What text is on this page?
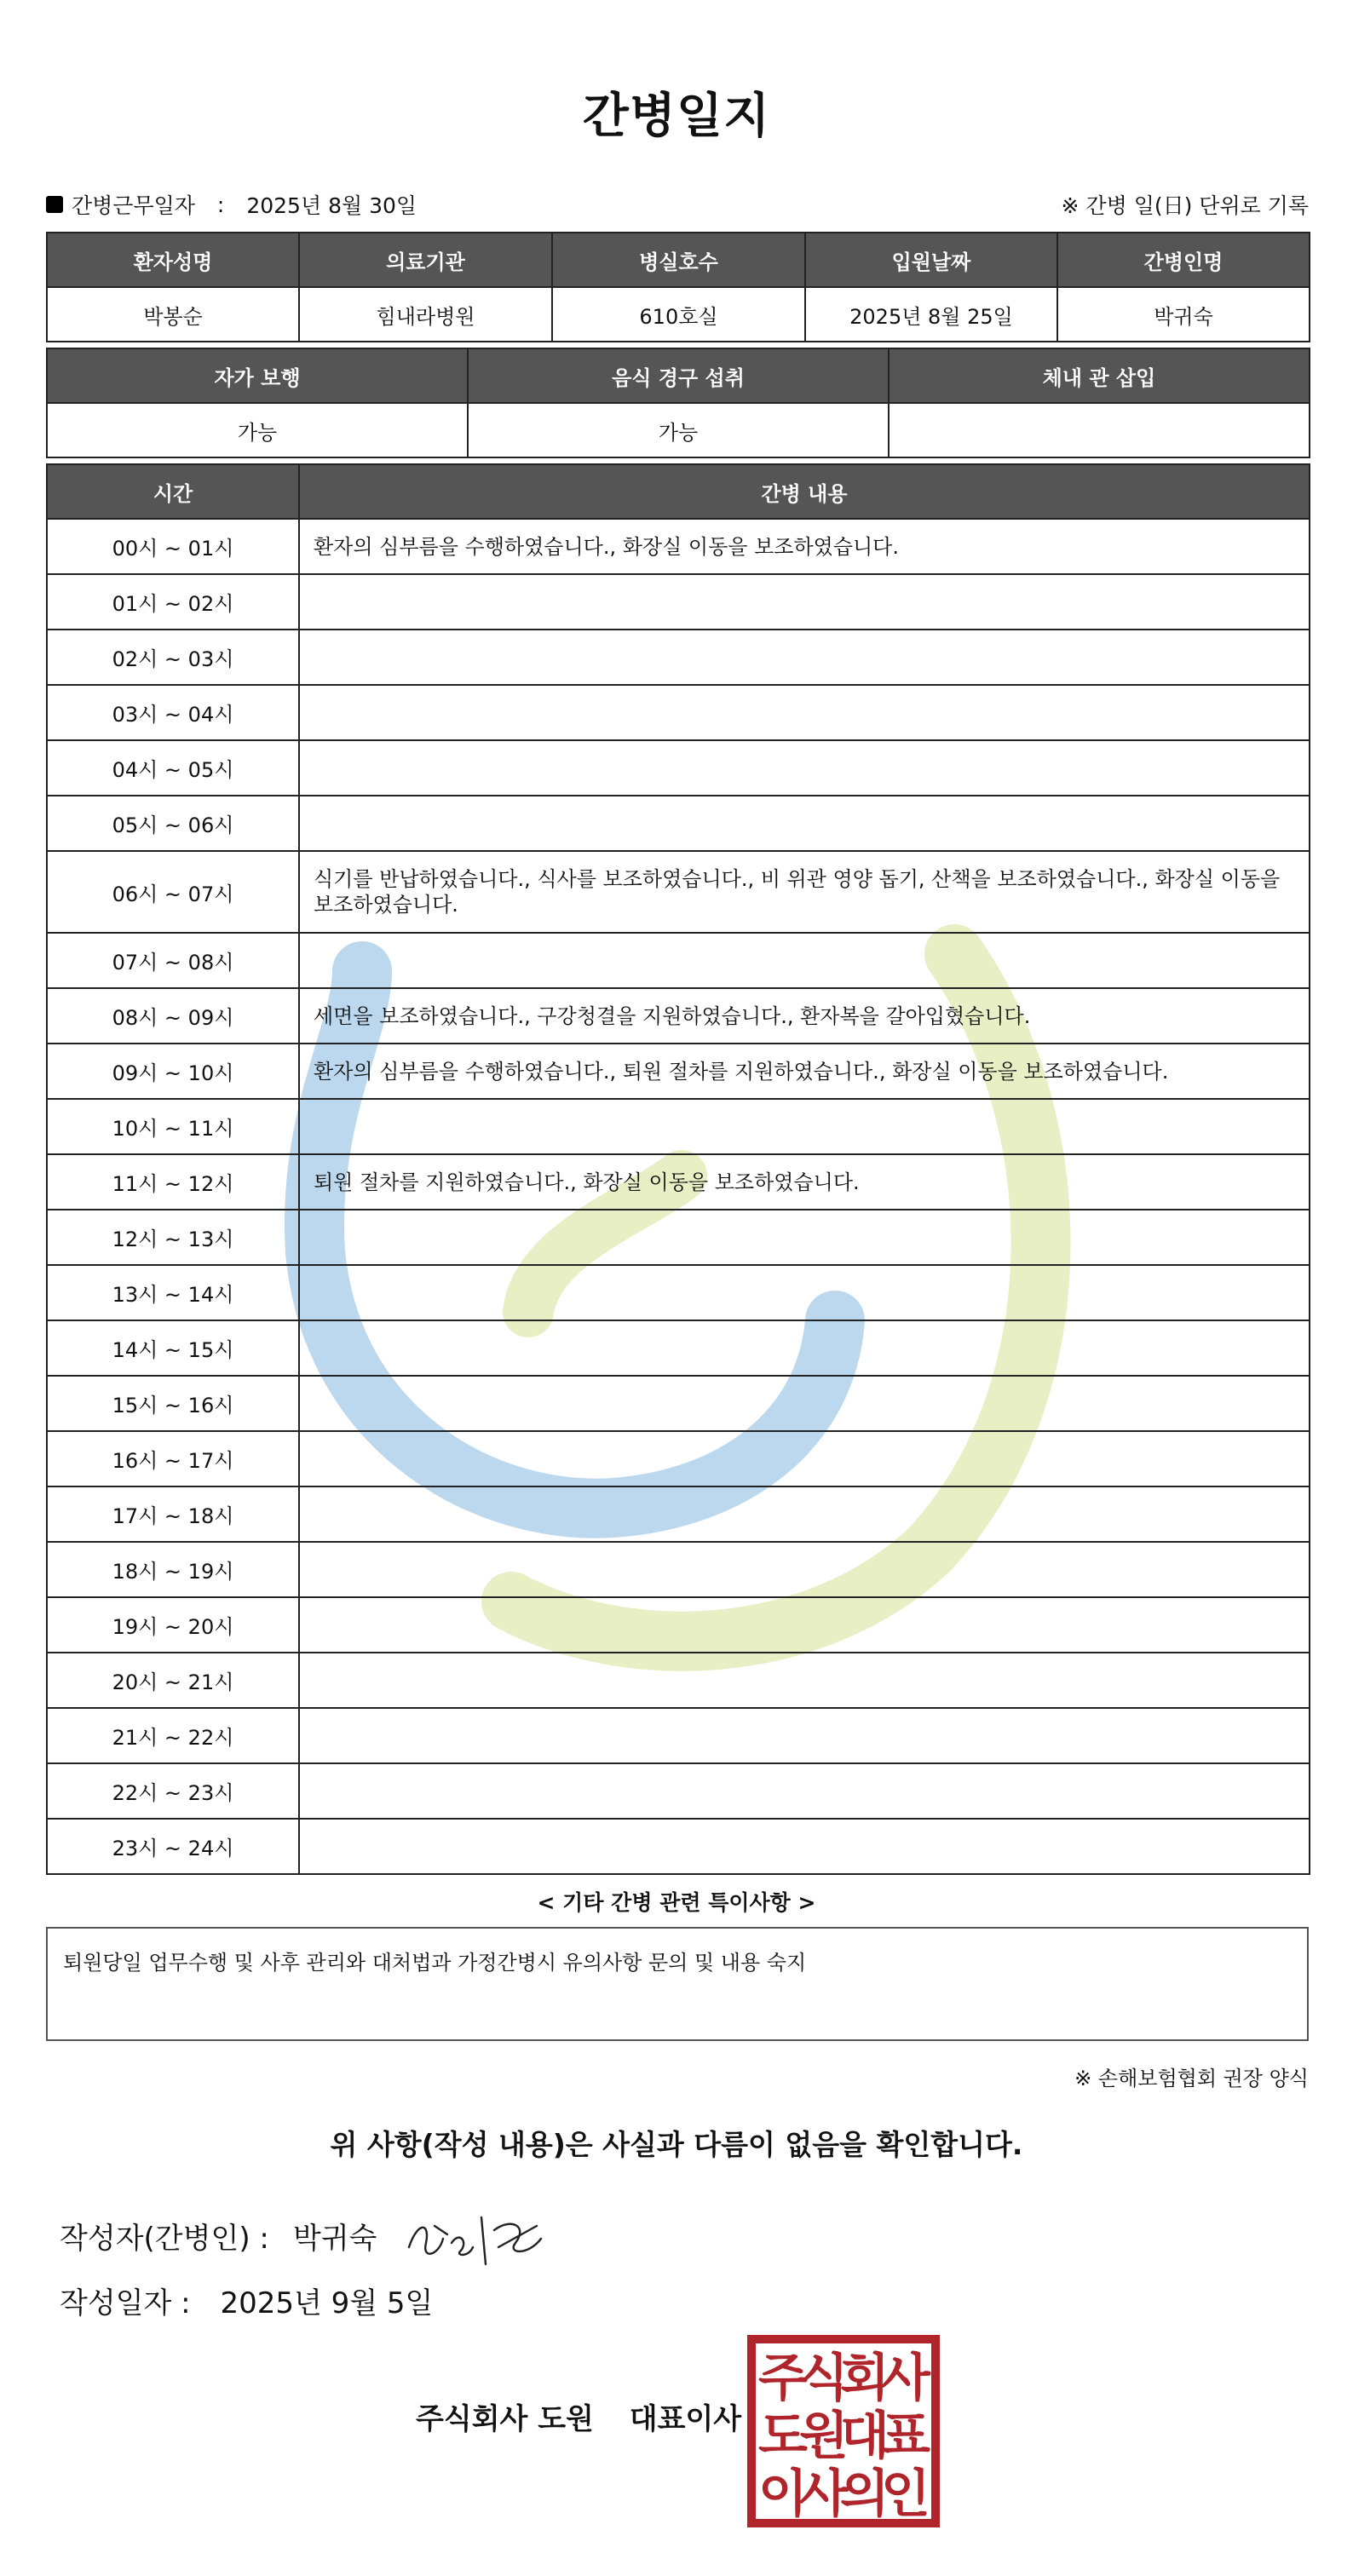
간병일지
간병근무일자 : 2025년 8월 30일	※ 간병 일(日) 단위로 기록
환자성명	의료기관	병실호수	입원날짜	간병인명
박봉순	힘내라병원	610호실	2025년 8월 25일	박귀숙
자가 보행	음식 경구 섭취	체내 관 삽입
가능	가능	
시간	간병 내용
00시 ~ 01시	환자의 심부름을 수행하였습니다., 화장실 이동을 보조하였습니다.
01시 ~ 02시	
02시 ~ 03시	
03시 ~ 04시	
04시 ~ 05시	
05시 ~ 06시	
06시 ~ 07시	식기를 반납하였습니다., 식사를 보조하였습니다., 비 위관 영양 돕기, 산책을 보조하였습니다., 화장실 이동을 보조하였습니다.
07시 ~ 08시	
08시 ~ 09시	세면을 보조하였습니다., 구강청결을 지원하였습니다., 환자복을 갈아입혔습니다.
09시 ~ 10시	환자의 심부름을 수행하였습니다., 퇴원 절차를 지원하였습니다., 화장실 이동을 보조하였습니다.
10시 ~ 11시	
11시 ~ 12시	퇴원 절차를 지원하였습니다., 화장실 이동을 보조하였습니다.
12시 ~ 13시	
13시 ~ 14시	
14시 ~ 15시	
15시 ~ 16시	
16시 ~ 17시	
17시 ~ 18시	
18시 ~ 19시	
19시 ~ 20시	
20시 ~ 21시	
21시 ~ 22시	
22시 ~ 23시	
23시 ~ 24시	
< 기타 간병 관련 특이사항 >
퇴원당일 업무수행 및 사후 관리와 대처법과 가정간병시 유의사항 문의 및 내용 숙지
※ 손해보험협회 권장 양식
위 사항(작성 내용)은 사실과 다름이 없음을 확인합니다.
작성자(간병인) : 박귀숙
작성일자 : 2025년 9월 5일
주식회사 도원 대표이사
주
식
회
사
도
원
대
표
이
사
의
인
